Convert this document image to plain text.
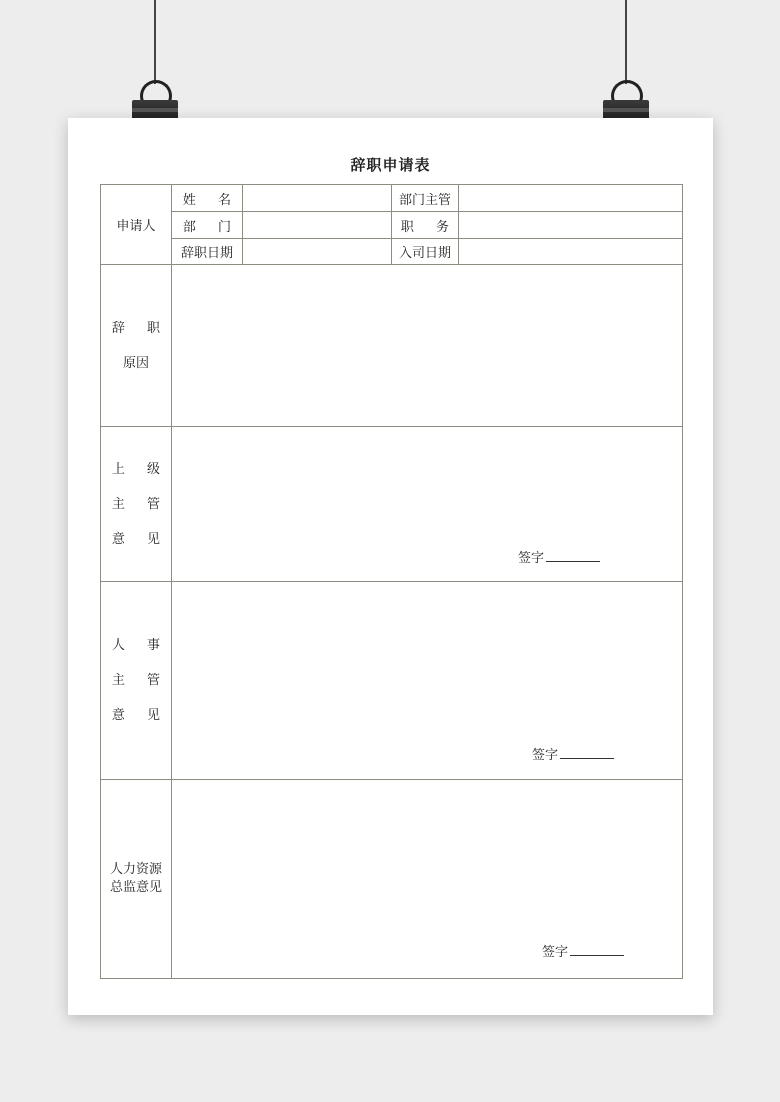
辞职申请表
申请人	姓 名		部门主管	
	部 门		职 务	
	辞职日期		入司日期	

辞 职
原因				

上 级
主 管
意 见	签字			

人 事
主 管
意 见	签字			

人力资源
总监意见	签字			
